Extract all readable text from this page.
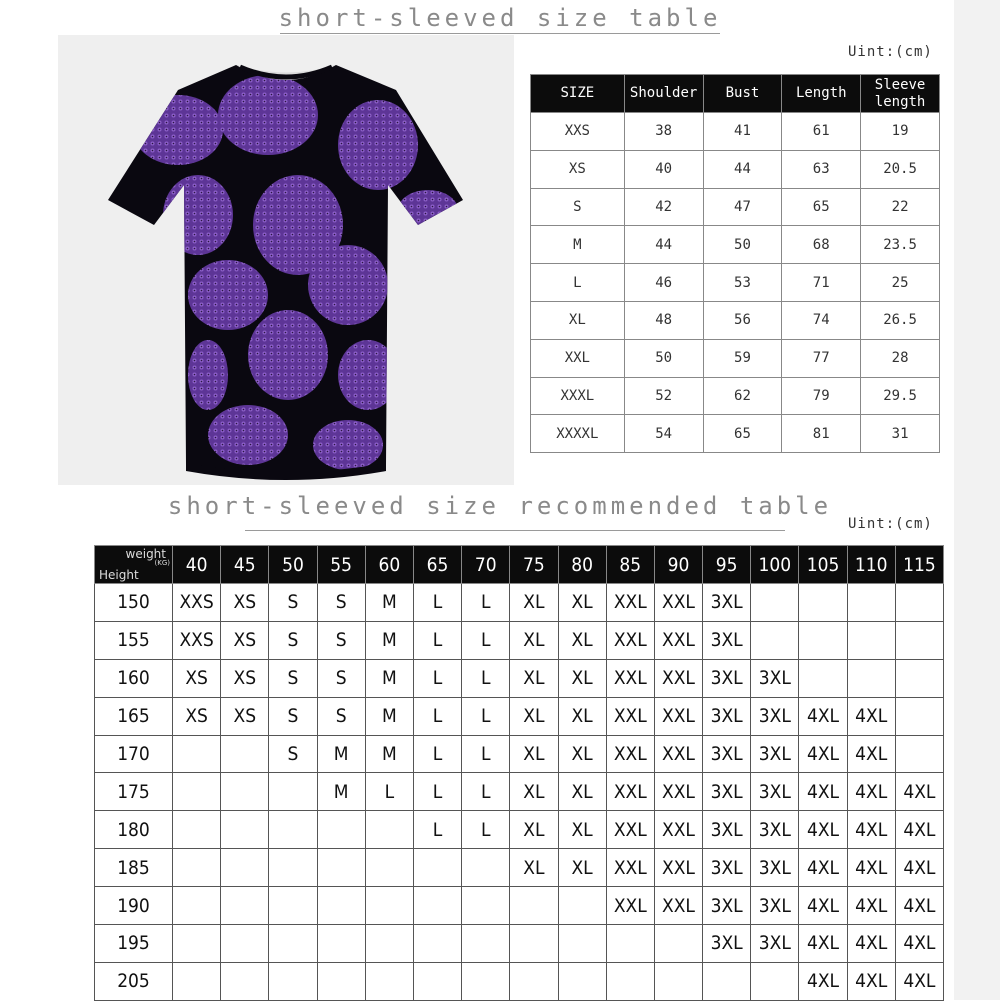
short-sleeved size table
Uint:(cm)
SIZE	Shoulder	Bust	Length	Sleeve length
XXS	38	41	61	19
XS	40	44	63	20.5
S	42	47	65	22
M	44	50	68	23.5
L	46	53	71	25
XL	48	56	74	26.5
XXL	50	59	77	28
XXXL	52	62	79	29.5
XXXXL	54	65	81	31
short-sleeved size recommended table
Uint:(cm)
weight
(KG)
Height	40	45	50	55	60	65	70	75	80	85	90	95	100	105	110	115
150	XXS	XS	S	S	M	L	L	XL	XL	XXL	XXL	3XL				
155	XXS	XS	S	S	M	L	L	XL	XL	XXL	XXL	3XL				
160	XS	XS	S	S	M	L	L	XL	XL	XXL	XXL	3XL	3XL			
165	XS	XS	S	S	M	L	L	XL	XL	XXL	XXL	3XL	3XL	4XL	4XL	
170			S	M	M	L	L	XL	XL	XXL	XXL	3XL	3XL	4XL	4XL	
175				M	L	L	L	XL	XL	XXL	XXL	3XL	3XL	4XL	4XL	4XL
180						L	L	XL	XL	XXL	XXL	3XL	3XL	4XL	4XL	4XL
185								XL	XL	XXL	XXL	3XL	3XL	4XL	4XL	4XL
190										XXL	XXL	3XL	3XL	4XL	4XL	4XL
195												3XL	3XL	4XL	4XL	4XL
205														4XL	4XL	4XL
